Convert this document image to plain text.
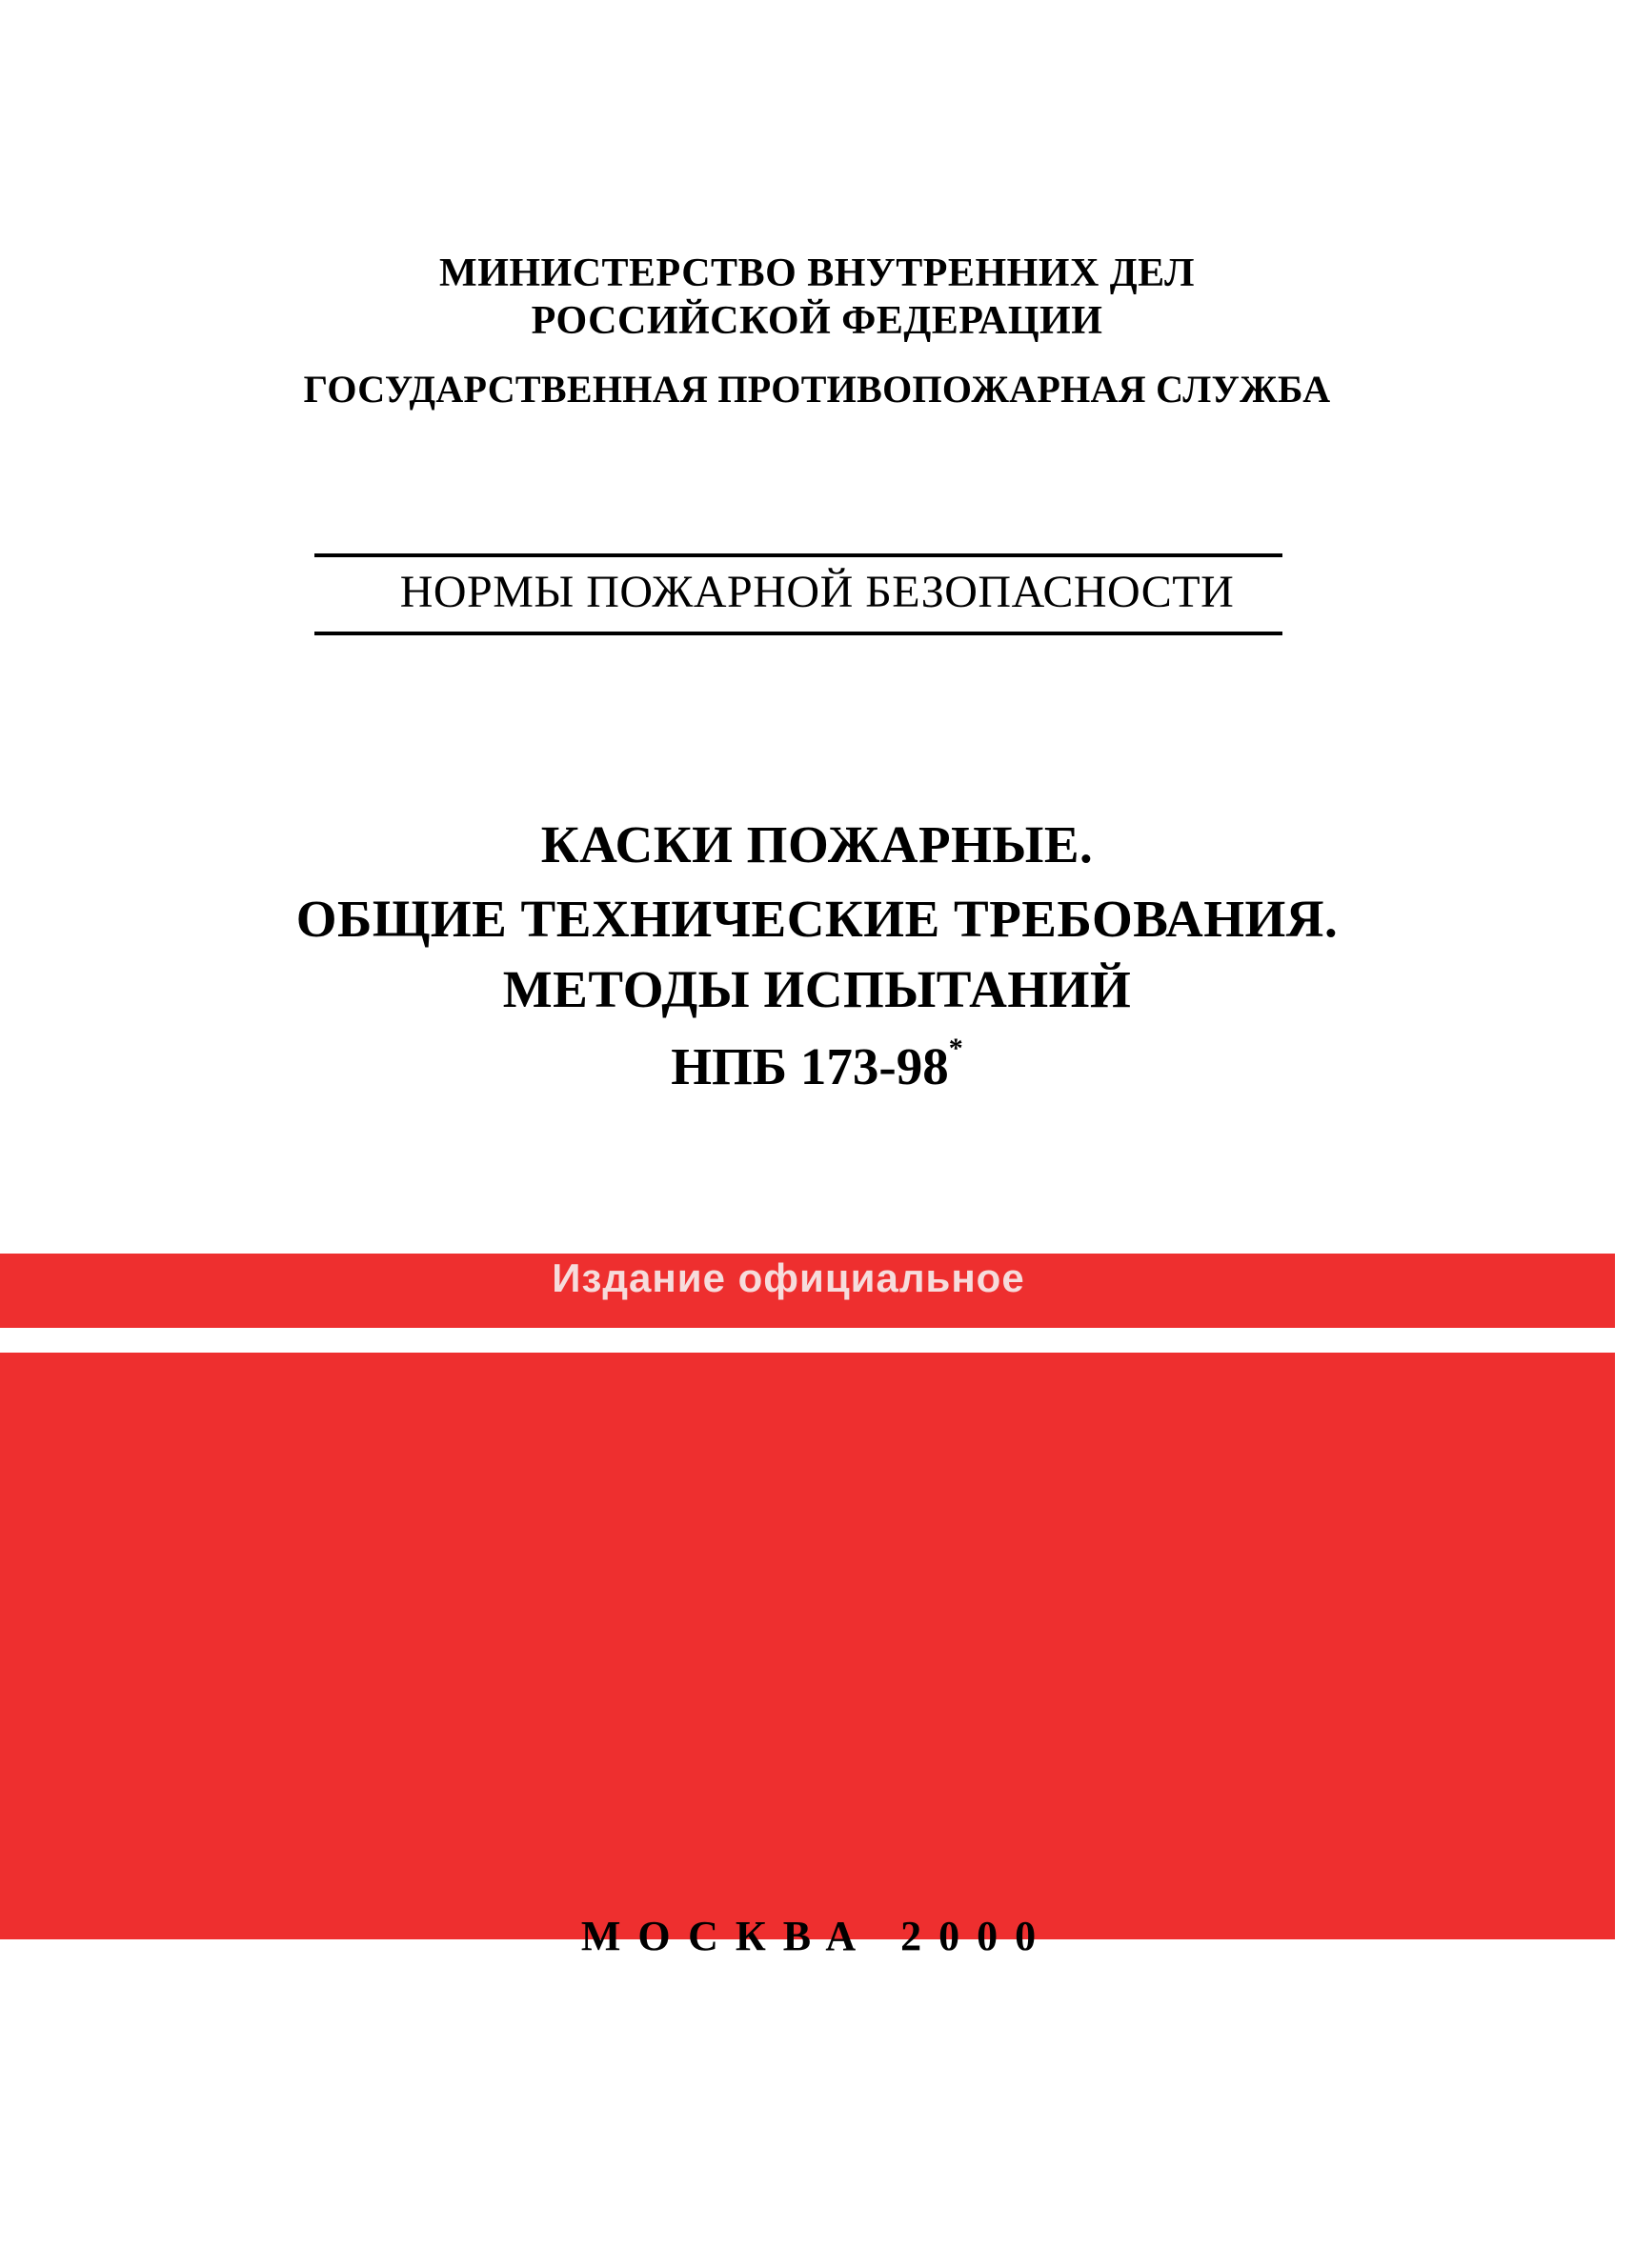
МИНИСТЕРСТВО ВНУТРЕННИХ ДЕЛ
РОССИЙСКОЙ ФЕДЕРАЦИИ
ГОСУДАРСТВЕННАЯ ПРОТИВОПОЖАРНАЯ СЛУЖБА
НОРМЫ ПОЖАРНОЙ БЕЗОПАСНОСТИ
КАСКИ ПОЖАРНЫЕ.
ОБЩИЕ ТЕХНИЧЕСКИЕ ТРЕБОВАНИЯ.
МЕТОДЫ ИСПЫТАНИЙ
НПБ 173-98*
Издание официальное
МОСКВА 2000
